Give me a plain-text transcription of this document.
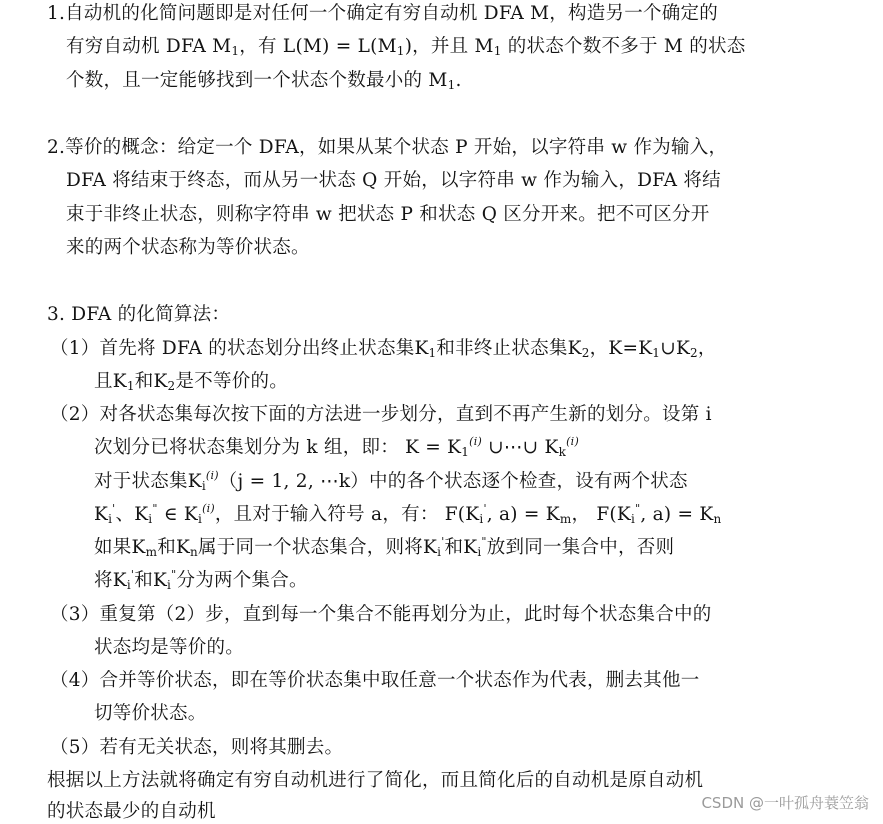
1.自动机的化简问题即是对任何一个确定有穷自动机 DFA M，构造另一个确定的
有穷自动机 DFA $M_1$，有 $L(M) = L(M_1)$，并且 $M_1$ 的状态个数不多于 M 的状态
个数，且一定能够找到一个状态个数最小的 $M_1$.
2.等价的概念：给定一个 DFA，如果从某个状态 P 开始，以字符串 w 作为输入，
DFA 将结束于终态，而从另一状态 Q 开始，以字符串 w 作为输入，DFA 将结
束于非终止状态，则称字符串 w 把状态 P 和状态 Q 区分开来。把不可区分开
来的两个状态称为等价状态。
3. DFA 的化简算法：
（1）首先将 DFA 的状态划分出终止状态集$K_1$和非终止状态集$K_2$，$K=K_1\cup K_2$，
且$K_1$和$K_2$是不等价的。
（2）对各状态集每次按下面的方法进一步划分，直到不再产生新的划分。设第 i
次划分已将状态集划分为 k 组，即： $K = K_1^{(i)}$ ∪⋯∪ $K_k^{(i)}$
对于状态集$K_i^{(i)}(j = 1$, 2, ⋯k）中的各个状态逐个检查，设有两个状态
$K_i'$、$K_i^"$ ∈ $K_i^{(i)}$，且对于输入符号 a，有： $F(K_i'$, $a) = K_m$， $F(K_i^"$, $a) = K_n$
如果$K_m$和$K_n$属于同一个状态集合，则将$K_i'$和$K_i^"$放到同一集合中，否则
将$K_i'$和$K_i^"$分为两个集合。
（3）重复第（2）步，直到每一个集合不能再划分为止，此时每个状态集合中的
状态均是等价的。
（4）合并等价状态，即在等价状态集中取任意一个状态作为代表，删去其他一
切等价状态。
（5）若有无关状态，则将其删去。
根据以上方法就将确定有穷自动机进行了简化，而且简化后的自动机是原自动机
的状态最少的自动机	CSDN @一叶孤舟蓑笠翁
